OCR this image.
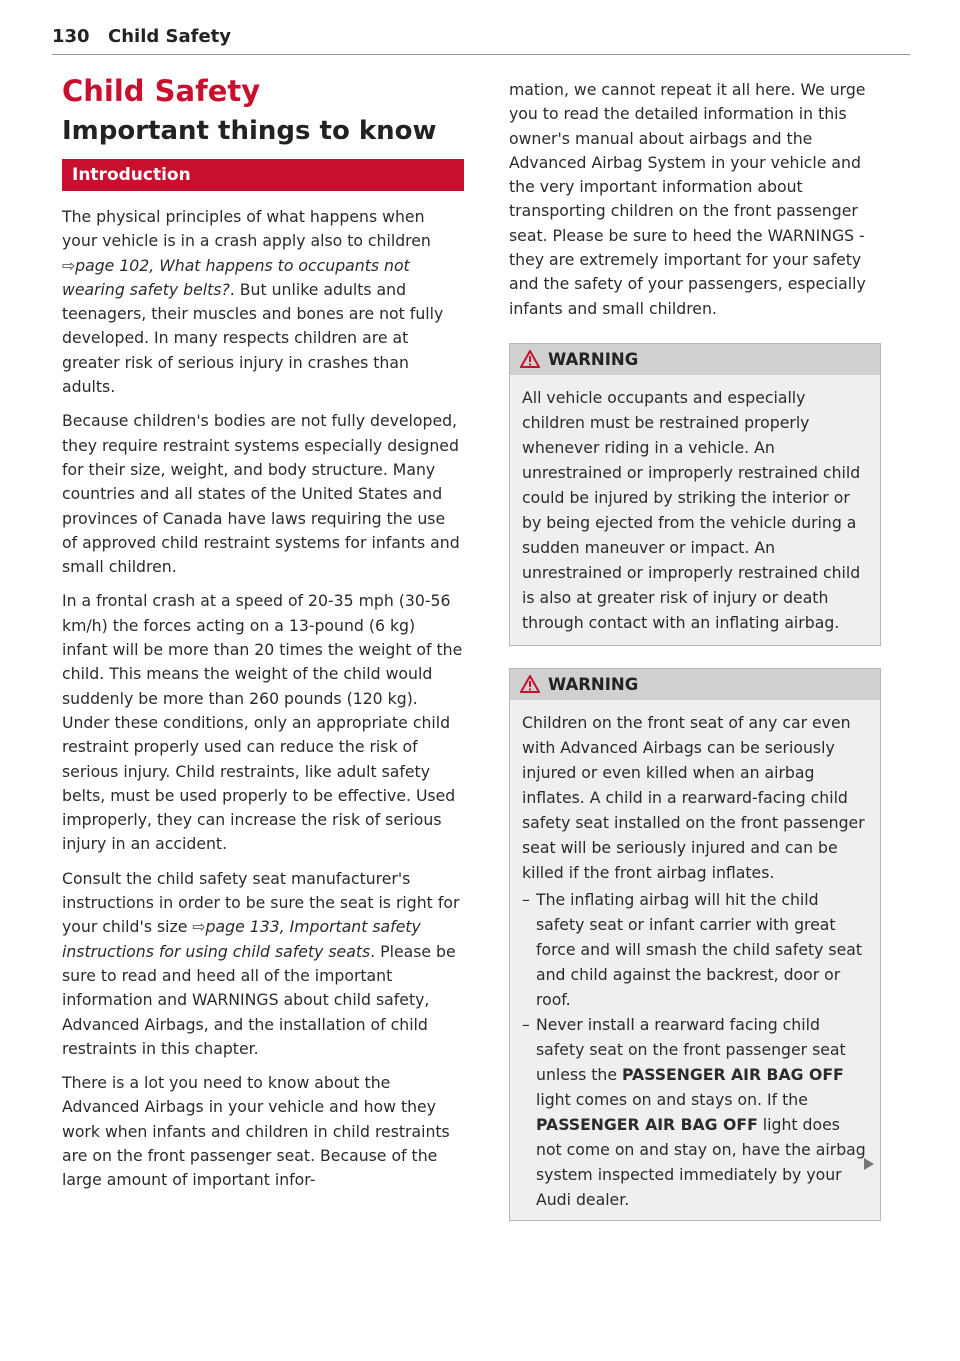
130 Child Safety
Child Safety
Important things to know
Introduction

The physical principles of what happens when your vehicle is in a crash apply also to children ⇨page 102, What happens to occupants not wearing safety belts?. But unlike adults and teenagers, their muscles and bones are not fully developed. In many respects children are at greater risk of serious injury in crashes than adults.

Because children's bodies are not fully developed, they require restraint systems especially designed for their size, weight, and body structure. Many countries and all states of the United States and provinces of Canada have laws requiring the use of approved child restraint systems for infants and small children.

In a frontal crash at a speed of 20-35 mph (30-56 km/h) the forces acting on a 13-pound (6 kg) infant will be more than 20 times the weight of the child. This means the weight of the child would suddenly be more than 260 pounds (120 kg). Under these conditions, only an appropriate child restraint properly used can reduce the risk of serious injury. Child restraints, like adult safety belts, must be used properly to be effective. Used improperly, they can increase the risk of serious injury in an accident.

Consult the child safety seat manufacturer's instructions in order to be sure the seat is right for your child's size ⇨page 133, Important safety instructions for using child safety seats. Please be sure to read and heed all of the important information and WARNINGS about child safety, Advanced Airbags, and the installation of child restraints in this chapter.

There is a lot you need to know about the Advanced Airbags in your vehicle and how they work when infants and children in child restraints are on the front passenger seat. Because of the large amount of important infor-

mation, we cannot repeat it all here. We urge you to read the detailed information in this owner's manual about airbags and the Advanced Airbag System in your vehicle and the very important information about transporting children on the front passenger seat. Please be sure to heed the WARNINGS - they are extremely important for your safety and the safety of your passengers, especially infants and small children.

WARNING

All vehicle occupants and especially children must be restrained properly whenever riding in a vehicle. An unrestrained or improperly restrained child could be injured by striking the interior or by being ejected from the vehicle during a sudden maneuver or impact. An unrestrained or improperly restrained child is also at greater risk of injury or death through contact with an inflating airbag.

WARNING

Children on the front seat of any car even with Advanced Airbags can be seriously injured or even killed when an airbag inflates. A child in a rearward-facing child safety seat installed on the front passenger seat will be seriously injured and can be killed if the front airbag inflates.

– The inflating airbag will hit the child safety seat or infant carrier with great force and will smash the child safety seat and child against the backrest, door or roof.
– Never install a rearward facing child safety seat on the front passenger seat unless the PASSENGER AIR BAG OFF light comes on and stays on. If the PASSENGER AIR BAG OFF light does not come on and stay on, have the airbag system inspected immediately by your Audi dealer.
